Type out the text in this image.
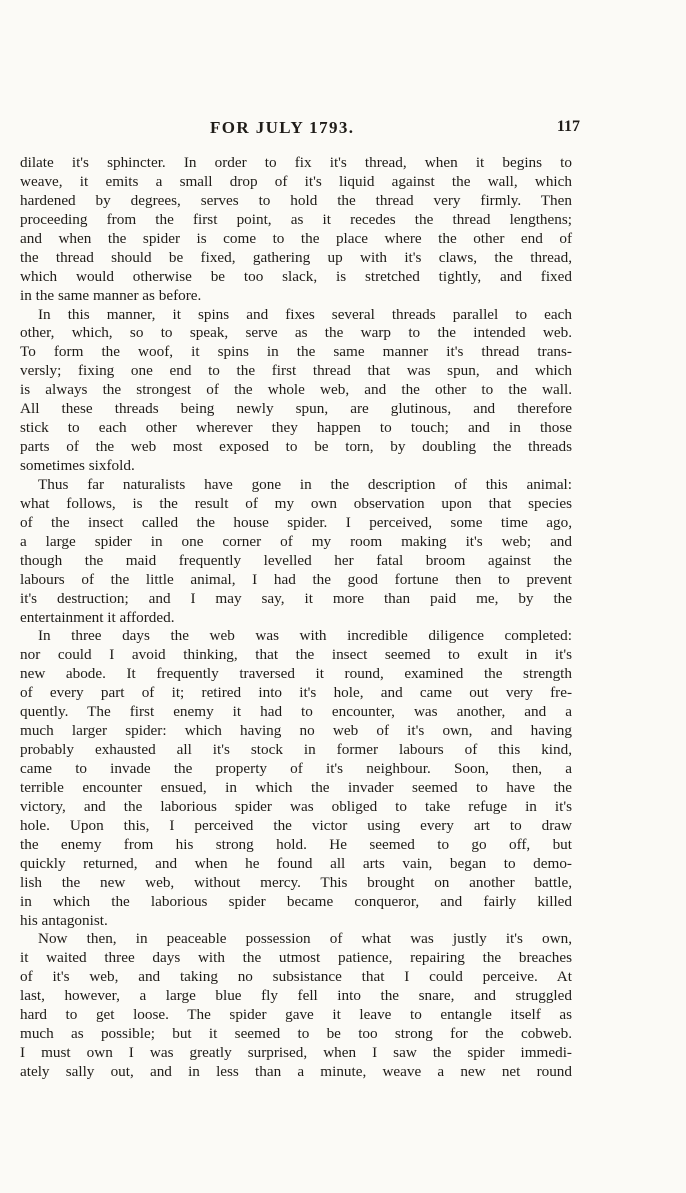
FOR JULY 1793.	117
dilate it's sphincter. In order to fix it's thread, when it begins to
weave, it emits a small drop of it's liquid against the wall, which
hardened by degrees, serves to hold the thread very firmly. Then
proceeding from the first point, as it recedes the thread lengthens;
and when the spider is come to the place where the other end of
the thread should be fixed, gathering up with it's claws, the thread,
which would otherwise be too slack, is stretched tightly, and fixed
in the same manner as before.
In this manner, it spins and fixes several threads parallel to each
other, which, so to speak, serve as the warp to the intended web.
To form the woof, it spins in the same manner it's thread trans-
versly; fixing one end to the first thread that was spun, and which
is always the strongest of the whole web, and the other to the wall.
All these threads being newly spun, are glutinous, and therefore
stick to each other wherever they happen to touch; and in those
parts of the web most exposed to be torn, by doubling the threads
sometimes sixfold.
Thus far naturalists have gone in the description of this animal:
what follows, is the result of my own observation upon that species
of the insect called the house spider. I perceived, some time ago,
a large spider in one corner of my room making it's web; and
though the maid frequently levelled her fatal broom against the
labours of the little animal, I had the good fortune then to prevent
it's destruction; and I may say, it more than paid me, by the
entertainment it afforded.
In three days the web was with incredible diligence completed:
nor could I avoid thinking, that the insect seemed to exult in it's
new abode. It frequently traversed it round, examined the strength
of every part of it; retired into it's hole, and came out very fre-
quently. The first enemy it had to encounter, was another, and a
much larger spider: which having no web of it's own, and having
probably exhausted all it's stock in former labours of this kind,
came to invade the property of it's neighbour. Soon, then, a
terrible encounter ensued, in which the invader seemed to have the
victory, and the laborious spider was obliged to take refuge in it's
hole. Upon this, I perceived the victor using every art to draw
the enemy from his strong hold. He seemed to go off, but
quickly returned, and when he found all arts vain, began to demo-
lish the new web, without mercy. This brought on another battle,
in which the laborious spider became conqueror, and fairly killed
his antagonist.
Now then, in peaceable possession of what was justly it's own,
it waited three days with the utmost patience, repairing the breaches
of it's web, and taking no subsistance that I could perceive. At
last, however, a large blue fly fell into the snare, and struggled
hard to get loose. The spider gave it leave to entangle itself as
much as possible; but it seemed to be too strong for the cobweb.
I must own I was greatly surprised, when I saw the spider immedi-
ately sally out, and in less than a minute, weave a new net round
